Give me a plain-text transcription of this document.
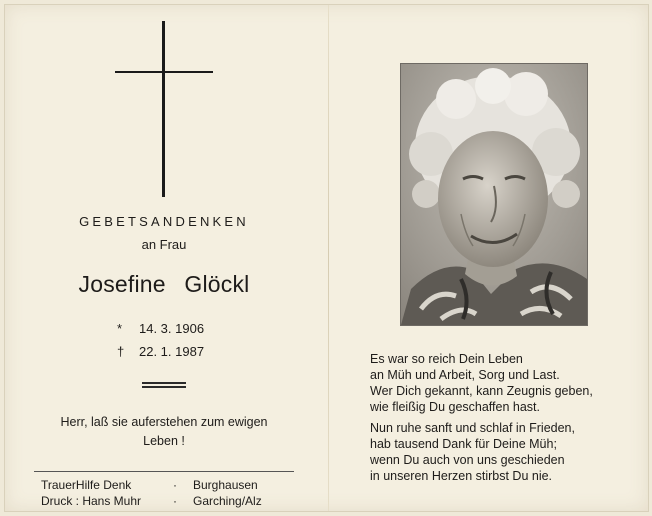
GEBETSANDENKEN
an Frau
Josefine Glöckl
* 14. 3. 1906
† 22. 1. 1987
Herr, laß sie auferstehen zum ewigen
Leben !
TrauerHilfe Denk	· Burghausen
Druck : Hans Muhr	· Garching/Alz
Es war so reich Dein Leben
an Müh und Arbeit, Sorg und Last.
Wer Dich gekannt, kann Zeugnis geben,
wie fleißig Du geschaffen hast.
Nun ruhe sanft und schlaf in Frieden,
hab tausend Dank für Deine Müh;
wenn Du auch von uns geschieden
in unseren Herzen stirbst Du nie.
